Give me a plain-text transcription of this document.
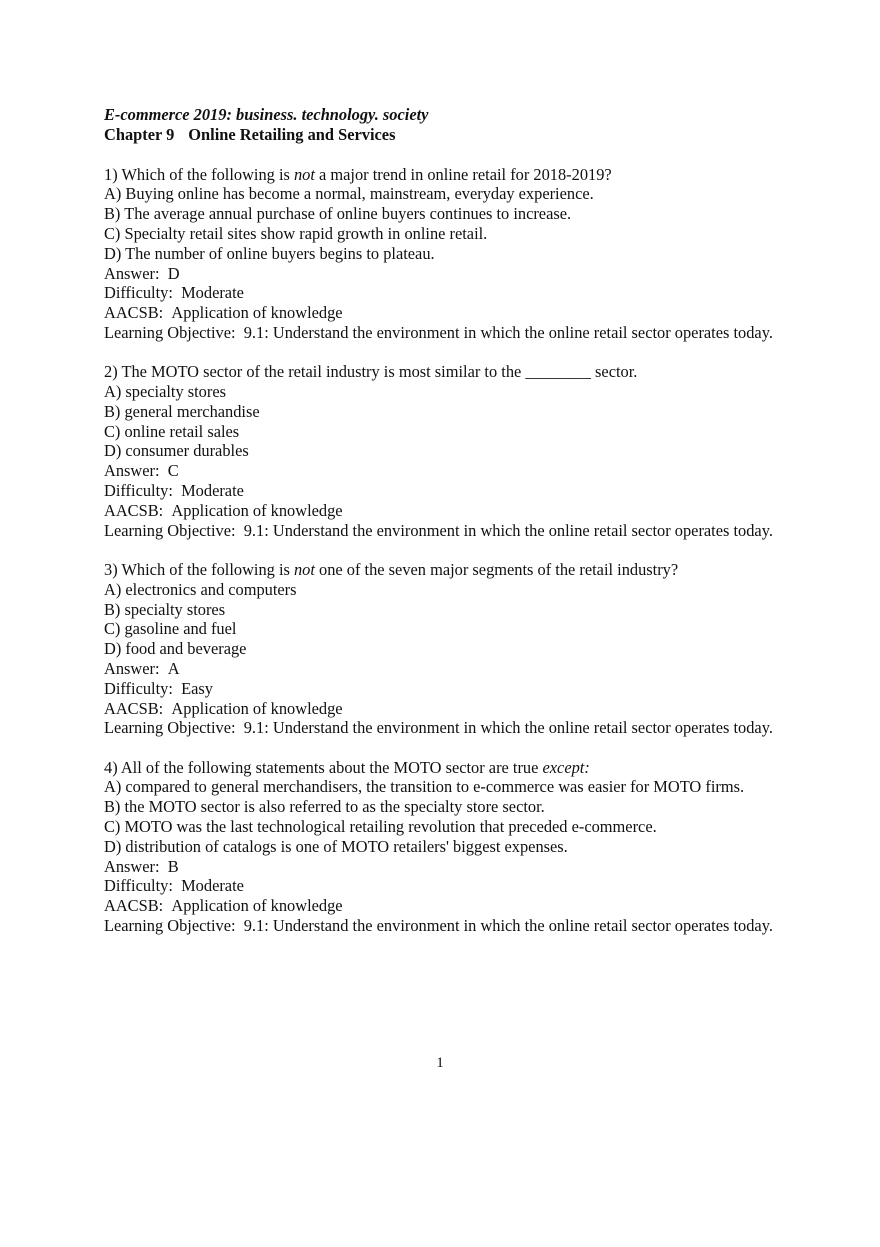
E-commerce 2019: business. technology. society
Chapter 9 Online Retailing and Services
1) Which of the following is not a major trend in online retail for 2018-2019?
A) Buying online has become a normal, mainstream, everyday experience.
B) The average annual purchase of online buyers continues to increase.
C) Specialty retail sites show rapid growth in online retail.
D) The number of online buyers begins to plateau.
Answer: D
Difficulty: Moderate
AACSB: Application of knowledge
Learning Objective: 9.1: Understand the environment in which the online retail sector operates today.
2) The MOTO sector of the retail industry is most similar to the ________ sector.
A) specialty stores
B) general merchandise
C) online retail sales
D) consumer durables
Answer: C
Difficulty: Moderate
AACSB: Application of knowledge
Learning Objective: 9.1: Understand the environment in which the online retail sector operates today.
3) Which of the following is not one of the seven major segments of the retail industry?
A) electronics and computers
B) specialty stores
C) gasoline and fuel
D) food and beverage
Answer: A
Difficulty: Easy
AACSB: Application of knowledge
Learning Objective: 9.1: Understand the environment in which the online retail sector operates today.
4) All of the following statements about the MOTO sector are true except:
A) compared to general merchandisers, the transition to e-commerce was easier for MOTO firms.
B) the MOTO sector is also referred to as the specialty store sector.
C) MOTO was the last technological retailing revolution that preceded e-commerce.
D) distribution of catalogs is one of MOTO retailers' biggest expenses.
Answer: B
Difficulty: Moderate
AACSB: Application of knowledge
Learning Objective: 9.1: Understand the environment in which the online retail sector operates today.
1
